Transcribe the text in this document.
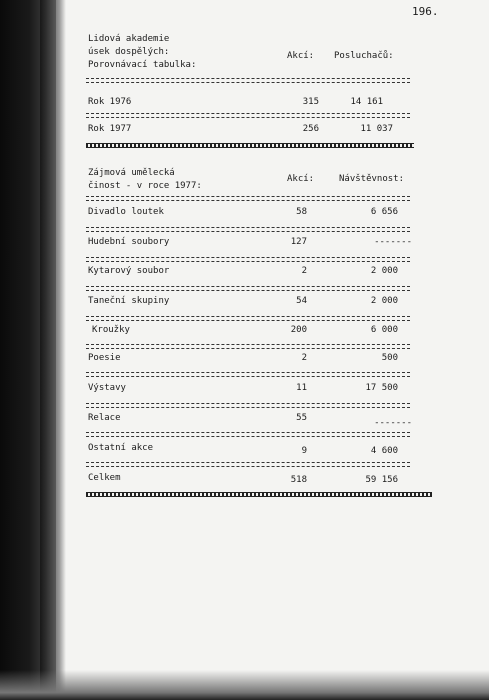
196.
Lidová akademie
úsek dospělých:
Porovnávací tabulka:
Akcí: Posluchačů:
Rok 1976	315	14 161
Rok 1977	256	11 037
Zájmová umělecká
činost - v roce 1977:
Akcí:	Návštěvnost:
Divadlo loutek	58	6 656
Hudební soubory	127	-------
Kytarový soubor	2	2 000
Taneční skupiny	54	2 000
Kroužky	200	6 000
Poesie	2	500
Výstavy	11	17 500
Relace	55	-------
Ostatní akce	9	4 600
Celkem	518	59 156
